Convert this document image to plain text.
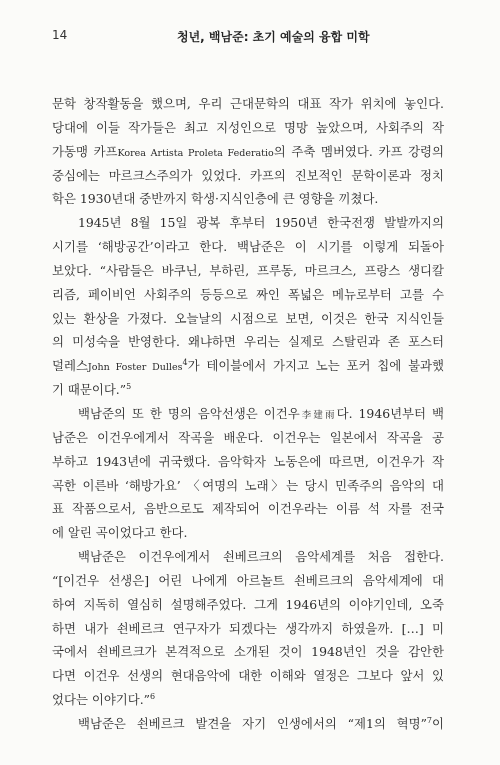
14	청년, 백남준: 초기 예술의 융합 미학
문학 창작활동을 했으며, 우리 근대문학의 대표 작가 위치에 놓인다.
당대에 이들 작가들은 최고 지성인으로 명망 높았으며, 사회주의 작
가동맹 카프Korea Artista Proleta Federatio의 주축 멤버였다. 카프 강령의
중심에는 마르크스주의가 있었다. 카프의 진보적인 문학이론과 정치
학은 1930년대 중반까지 학생·지식인층에 큰 영향을 끼쳤다.
1945년 8월 15일 광복 후부터 1950년 한국전쟁 발발까지의
시기를 ‘해방공간’이라고 한다. 백남준은 이 시기를 이렇게 되돌아
보았다. “사람들은 바쿠닌, 부하린, 프루동, 마르크스, 프랑스 생디칼
리즘, 페이비언 사회주의 등등으로 짜인 폭넓은 메뉴로부터 고를 수
있는 환상을 가졌다. 오늘날의 시점으로 보면, 이것은 한국 지식인들
의 미성숙을 반영한다. 왜냐하면 우리는 실제로 스탈린과 존 포스터
덜레스John Foster Dulles$^4$가 테이블에서 가지고 노는 포커 칩에 불과했
기 때문이다.”$^5$
백남준의 또 한 명의 음악선생은 이건우李建雨다. 1946년부터 백
남준은 이건우에게서 작곡을 배운다. 이건우는 일본에서 작곡을 공
부하고 1943년에 귀국했다. 음악학자 노동은에 따르면, 이건우가 작
곡한 이른바 ‘해방가요’ 〈여명의 노래〉는 당시 민족주의 음악의 대
표 작품으로서, 음반으로도 제작되어 이건우라는 이름 석 자를 전국
에 알린 곡이었다고 한다.
백남준은 이건우에게서 쇤베르크의 음악세계를 처음 접한다.
“[이건우 선생은] 어린 나에게 아르놀트 쇤베르크의 음악세계에 대
하여 지독히 열심히 설명해주었다. 그게 1946년의 이야기인데, 오죽
하면 내가 쇤베르크 연구자가 되겠다는 생각까지 하였을까. […] 미
국에서 쇤베르크가 본격적으로 소개된 것이 1948년인 것을 감안한
다면 이건우 선생의 현대음악에 대한 이해와 열정은 그보다 앞서 있
었다는 이야기다.”$^6$
백남준은 쇤베르크 발견을 자기 인생에서의 “제1의 혁명”$^7$이
